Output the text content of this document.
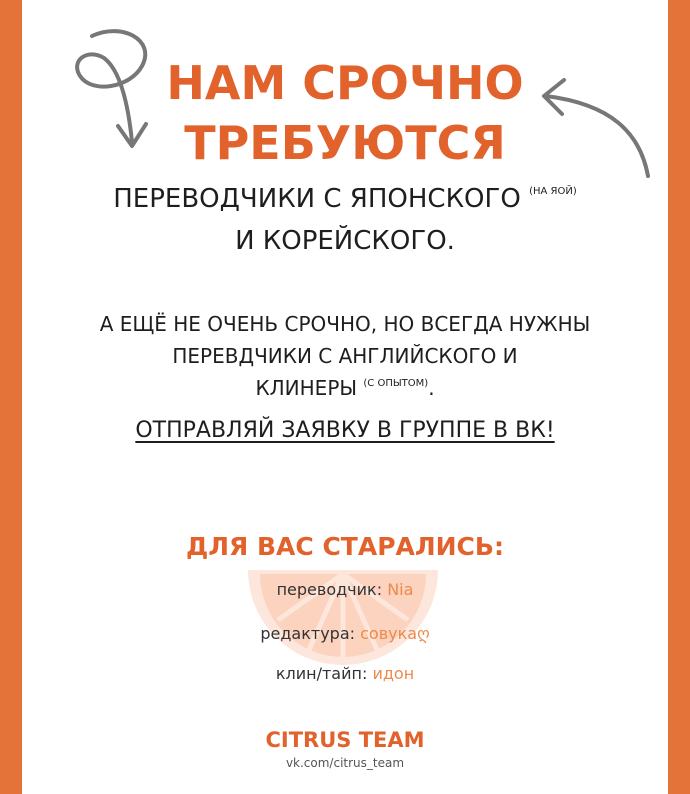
НАМ СРОЧНО
ТРЕБУЮТСЯ
ПЕРЕВОДЧИКИ С ЯПОНСКОГО $^{(НА ЯОЙ)}$
И КОРЕЙСКОГО.
А ЕЩЁ НЕ ОЧЕНЬ СРОЧНО, НО ВСЕГДА НУЖНЫ
ПЕРЕВДЧИКИ С АНГЛИЙСКОГО И
КЛИНЕРЫ $^{(С ОПЫТОМ)}$.
ОТПРАВЛЯЙ ЗАЯВКУ В ГРУППЕ В ВК!
ДЛЯ ВАС СТАРАЛИСЬ:
переводчик: Nia
редактура: совукаღ
клин/тайп: идон
CITRUS TEAM
vk.com/citrus_team
